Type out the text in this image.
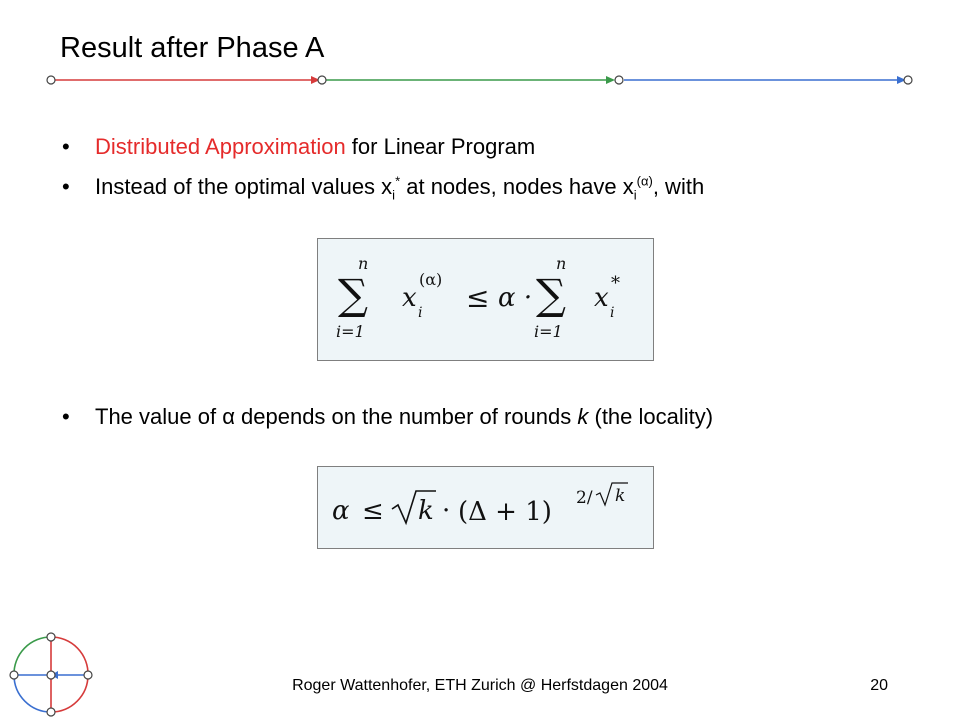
Result after Phase A
• Distributed Approximation for Linear Program
• Instead of the optimal values $x_i^*$ at nodes, nodes have $x_i^{(\alpha)}$, with
• The value of α depends on the number of rounds k (the locality)
n
∑
i=1
x i
(α)
≤ α ·
n
∑
i=1
x i
*
α ≤ k · (Δ + 1) 2/ k
Roger Wattenhofer, ETH Zurich @ Herfstdagen 2004	20
